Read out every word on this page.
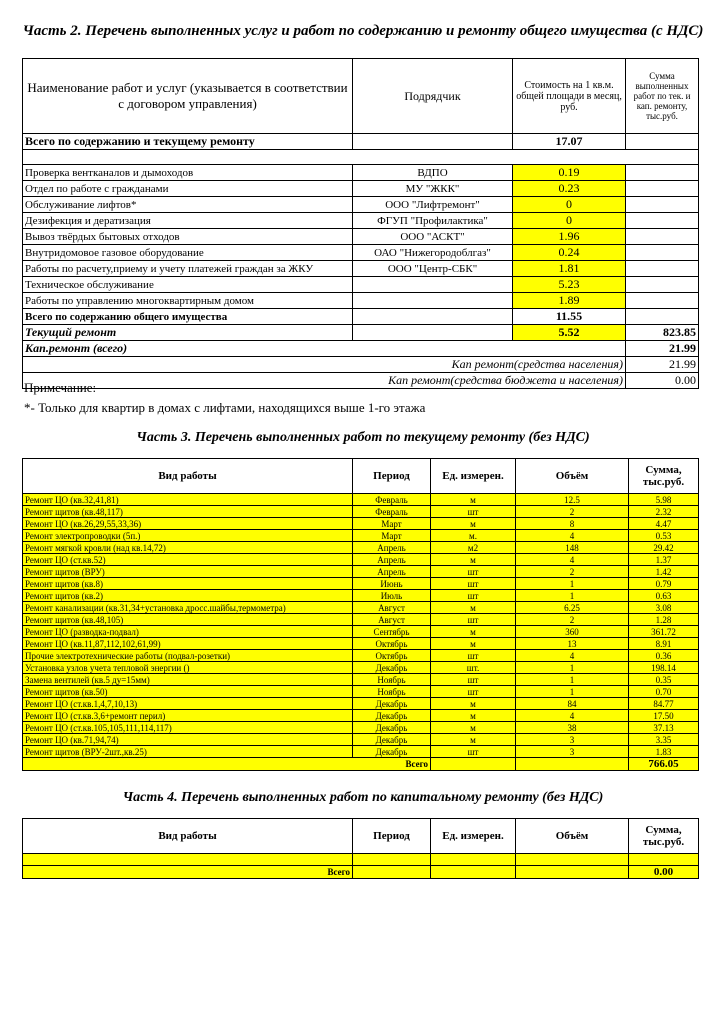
Часть 2. Перечень выполненных услуг и работ по содержанию и ремонту общего имущества (с НДС)
Наименование работ и услуг (указывается в соответствии с договором управления)	Подрядчик	Стоимость на 1 кв.м. общей площади в месяц, руб.	Сумма выполненных работ по тек. и кап. ремонту, тыс.руб.
Всего по содержанию и текущему ремонту		17.07	

Проверка вентканалов и дымоходов	ВДПО	0.19	
Отдел по работе с гражданами	МУ "ЖКК"	0.23	
Обслуживание лифтов*	ООО "Лифтремонт"	0	
Дезифекция и дератизация	ФГУП "Профилактика"	0	
Вывоз твёрдых бытовых отходов	ООО "АСКТ"	1.96	
Внутридомовое газовое оборудование	ОАО "Нижегородоблгаз"	0.24	
Работы по расчету,приему и учету платежей граждан за ЖКУ	ООО "Центр-СБК"	1.81	
Техническое обслуживание		5.23	
Работы по управлению многоквартирным домом		1.89	
Всего по содержанию общего имущества		11.55	
Текущий ремонт		5.52	823.85
Кап.ремонт (всего)			21.99
Кап ремонт(средства населения)			21.99
Кап ремонт(средства бюджета и населения)			0.00
Примечание:
*- Только для квартир в домах с лифтами, находящихся выше 1-го этажа
Часть 3. Перечень выполненных работ по текущему ремонту (без НДС)
Вид работы	Период	Ед. измерен.	Объём	Сумма, тыс.руб.
Ремонт ЦО (кв.32,41,81)	Февраль	м	12.5	5.98
Ремонт щитов (кв.48,117)	Февраль	шт	2	2.32
Ремонт ЦО (кв.26,29,55,33,36)	Март	м	8	4.47
Ремонт электропроводки (5п.)	Март	м.	4	0.53
Ремонт мягкой кровли (над кв.14,72)	Апрель	м2	148	29.42
Ремонт ЦО (ст.кв.52)	Апрель	м	4	1.37
Ремонт щитов (ВРУ)	Апрель	шт	2	1.42
Ремонт щитов (кв.8)	Июнь	шт	1	0.79
Ремонт щитов (кв.2)	Июль	шт	1	0.63
Ремонт канализации (кв.31,34+установка дросс.шайбы,термометра)	Август	м	6.25	3.08
Ремонт щитов (кв.48,105)	Август	шт	2	1.28
Ремонт ЦО (разводка-подвал)	Сентябрь	м	360	361.72
Ремонт ЦО (кв.11,87,112,102,61,99)	Октябрь	м	13	8.91
Прочие электротехнические работы (подвал-розетки)	Октябрь	шт	4	0.36
Установка узлов учета тепловой энергии ()	Декабрь	шт.	1	198.14
Замена вентилей (кв.5 ду=15мм)	Ноябрь	шт	1	0.35
Ремонт щитов (кв.50)	Ноябрь	шт	1	0.70
Ремонт ЦО (ст.кв.1,4,7,10,13)	Декабрь	м	84	84.77
Ремонт ЦО (ст.кв.3,6+ремонт перил)	Декабрь	м	4	17.50
Ремонт ЦО (ст.кв.105,105,111,114,117)	Декабрь	м	38	37.13
Ремонт ЦО (кв.71,94,74)	Декабрь	м	3	3.35
Ремонт щитов (ВРУ-2шт.,кв.25)	Декабрь	шт	3	1.83
Всего				766.05
Часть 4. Перечень выполненных работ по капитальному ремонту (без НДС)
Вид работы	Период	Ед. измерен.	Объём	Сумма, тыс.руб.

Всего				0.00
